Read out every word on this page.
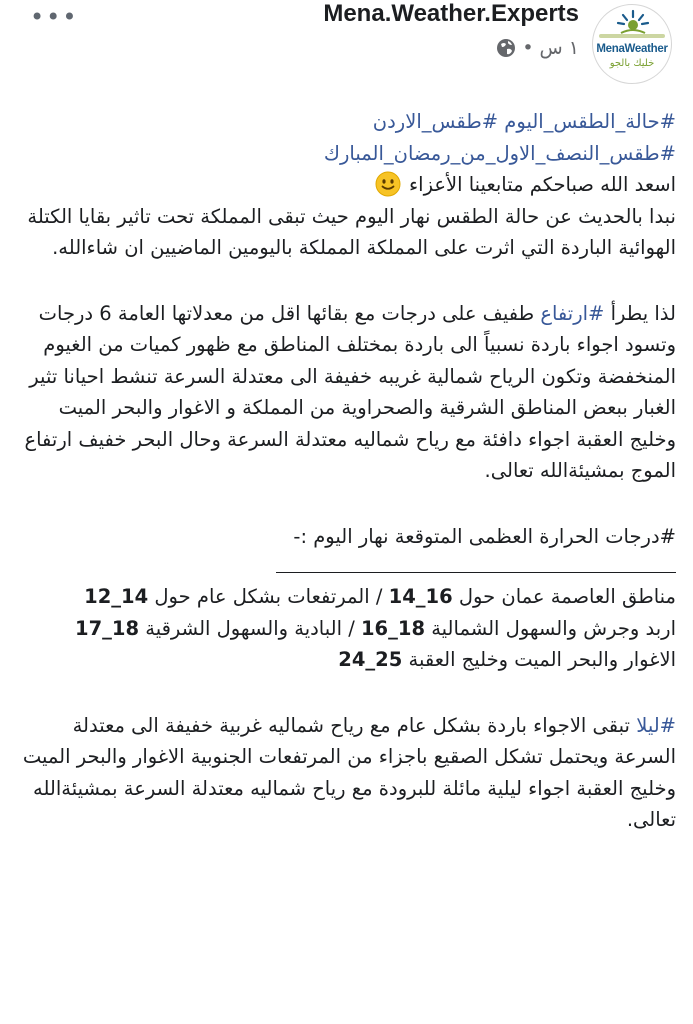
•••
MenaWeather
خليك بالجو
Mena.Weather.Experts
١ س
•
#حالة_الطقس_اليوم #طقس_الاردن
#طقس_النصف_الاول_من_رمضان_المبارك
اسعد الله صباحكم متابعينا الأعزاء
نبدا بالحديث عن حالة الطقس نهار اليوم حيث تبقى المملكة تحت تاثير بقايا الكتلة الهوائية الباردة التي اثرت على المملكة المملكة باليومين الماضيين ان شاءالله.
لذا يطرأ #ارتفاع طفيف على درجات مع بقائها اقل من معدلاتها العامة 6 درجات وتسود اجواء باردة نسبياً الى باردة بمختلف المناطق مع ظهور كميات من الغيوم المنخفضة وتكون الرياح شمالية غريبه خفيفة الى معتدلة السرعة تنشط احيانا تثير الغبار ببعض المناطق الشرقية والصحراوية من المملكة و الاغوار والبحر الميت وخليج العقبة اجواء دافئة مع رياح شماليه معتدلة السرعة وحال البحر خفيف ارتفاع الموج بمشيئةالله تعالى.
#درجات الحرارة العظمى المتوقعة نهار اليوم :-
مناطق العاصمة عمان حول 16_14 / المرتفعات بشكل عام حول 14_12
اربد وجرش والسهول الشمالية 18_16 / البادية والسهول الشرقية 18_17
الاغوار والبحر الميت وخليج العقبة 25_24
#ليلا تبقى الاجواء باردة بشكل عام مع رياح شماليه غربية خفيفة الى معتدلة السرعة ويحتمل تشكل الصقيع باجزاء من المرتفعات الجنوبية الاغوار والبحر الميت وخليج العقبة اجواء ليلية مائلة للبرودة مع رياح شماليه معتدلة السرعة بمشيئةالله تعالى.
